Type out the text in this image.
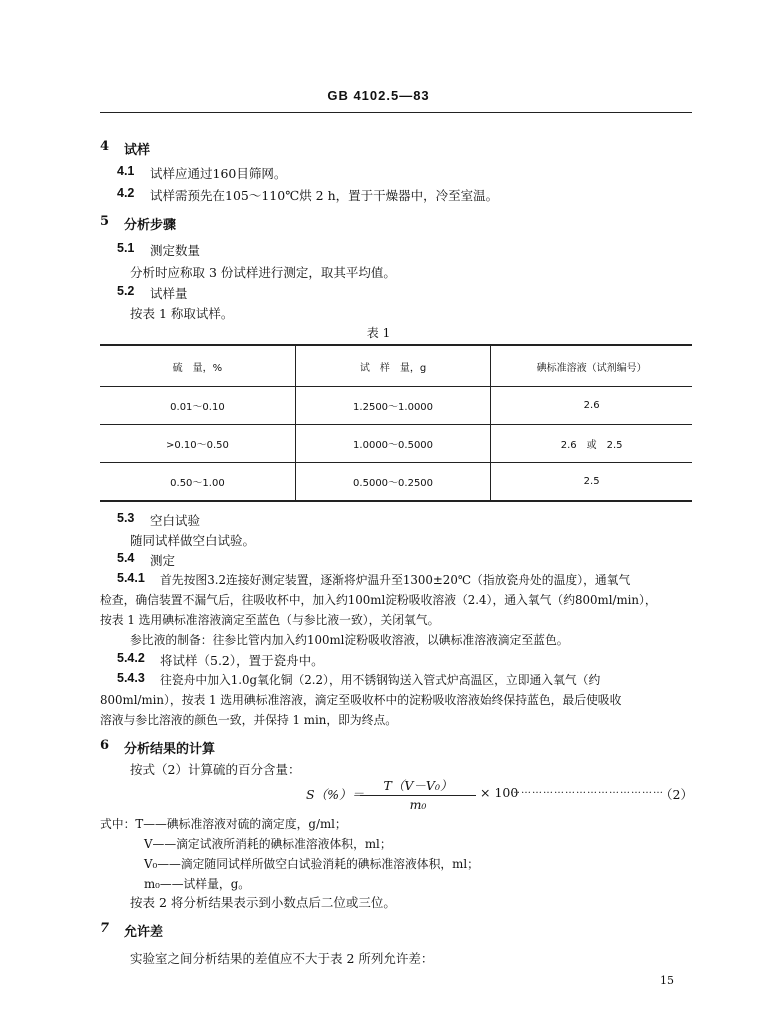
GB 4102.5—83
4 试样
4.1 试样应通过160目筛网。
4.2 试样需预先在105～110℃烘 2 h，置于干燥器中，冷至室温。
5 分析步骤
5.1 测定数量
分析时应称取 3 份试样进行测定，取其平均值。
5.2 试样量
按表 1 称取试样。
表 1
硫　量，%	试　样　量，g	碘标准溶液（试剂编号）
0.01～0.10	1.2500～1.0000	2.6
>0.10～0.50	1.0000～0.5000	2.6　或　2.5
0.50～1.00	0.5000～0.2500	2.5
5.3 空白试验
随同试样做空白试验。
5.4 测定
5.4.1 首先按图3.2连接好测定装置，逐渐将炉温升至1300±20℃（指放瓷舟处的温度），通氧气
检查，确信装置不漏气后，往吸收杯中，加入约100ml淀粉吸收溶液（2.4），通入氧气（约800ml/min），
按表 1 选用碘标准溶液滴定至蓝色（与参比液一致），关闭氧气。
参比液的制备：往参比管内加入约100ml淀粉吸收溶液，以碘标准溶液滴定至蓝色。
5.4.2 将试样（5.2），置于瓷舟中。
5.4.3 往瓷舟中加入1.0g氧化铜（2.2），用不锈钢钩送入管式炉高温区，立即通入氧气（约
800ml/min），按表 1 选用碘标准溶液，滴定至吸收杯中的淀粉吸收溶液始终保持蓝色，最后使吸收
溶液与参比溶液的颜色一致，并保持 1 min，即为终点。
6 分析结果的计算
按式（2）计算硫的百分含量：
S（%）＝
T（V－V₀）
m₀
× 100
……………………………………
（2）
式中：T——碘标准溶液对硫的滴定度，g/ml；
V——滴定试液所消耗的碘标准溶液体积，ml；
V₀——滴定随同试样所做空白试验消耗的碘标准溶液体积，ml；
m₀——试样量，g。
按表 2 将分析结果表示到小数点后二位或三位。
7 允许差
实验室之间分析结果的差值应不大于表 2 所列允许差：
15
